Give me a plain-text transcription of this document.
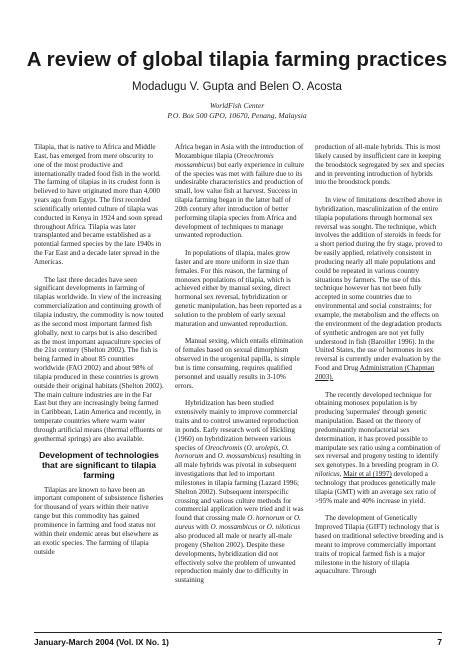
A review of global tilapia farming practices
Modadugu V. Gupta and Belen O. Acosta
WorldFish Center
P.O. Box 500 GPO, 10670, Penang, Malaysia

Tilapia, that is native to Africa and Middle East, has emerged from mere obscurity to one of the most productive and internationally traded food fish in the world. The farming of tilapias in its crudest form is believed to have originated more than 4,000 years ago from Egypt. The first recorded scientifically oriented culture of tilapia was conducted in Kenya in 1924 and soon spread throughout Africa. Tilapia was later transplanted and became established as a potential farmed species by the late 1940s in the Far East and a decade later spread in the Americas.

The last three decades have seen significant developments in farming of tilapias worldwide. In view of the increasing commercialization and continuing growth of tilapia industry, the commodity is now touted as the second most important farmed fish globally, next to carps but is also described as the most important aquaculture species of the 21st century (Shelton 2002). The fish is being farmed in about 85 countries worldwide (FAO 2002) and about 98% of tilapia produced in these countries is grown outside their original habitats (Shelton 2002). The main culture industries are in the Far East but they are increasingly being farmed in Caribbean, Latin America and recently, in temperate countries where warm water through artificial means (thermal effluents or geothermal springs) are also available.

Development of technologies that are significant to tilapia farming

Tilapias are known to have been an important component of subsistence fisheries for thousand of years within their native range but this commodity has gained prominence in farming and food status not within their endemic areas but elsewhere as an exotic species. The farming of tilapia outside

Africa began in Asia with the introduction of Mozambique tilapia (Oreochromis mossambicus) but early experience in culture of the species was met with failure due to its undesirable characteristics and production of small, low value fish at harvest. Success in tilapia farming began in the latter half of 20th century after introduction of better performing tilapia species from Africa and development of techniques to manage unwanted reproduction.

In populations of tilapia, males grow faster and are more uniform in size than females. For this reason, the farming of monosex populations of tilapia, which is achieved either by manual sexing, direct hormonal sex reversal, hybridization or genetic manipulation, has been reported as a solution to the problem of early sexual maturation and unwanted reproduction.

Manual sexing, which entails elimination of females based on sexual dimorphism observed in the urogenital papilla, is simple but is time consuming, requires qualified personnel and usually results in 3-10% errors.

Hybridization has been studied extensively mainly to improve commercial traits and to control unwanted reproduction in ponds. Early research work of Hickling (1960) on hybridization between various species of Oreochromis (O. urolepis, O. hornorum and O. mossambicus) resulting in all male hybrids was pivotal in subsequent investigations that led to important milestones in tilapia farming (Lazard 1996; Shelton 2002). Subsequent interspecific crossing and various culture methods for commercial application were tried and it was found that crossing male O. hornorum or O. aureus with O. mossambicus or O. niloticus also produced all male or nearly all-male progeny (Shelton 2002). Despite these developments, hybridization did not effectively solve the problem of unwanted reproduction mainly due to difficulty in sustaining

production of all-male hybrids. This is most likely caused by insufficient care in keeping the broodstock segregated by sex and species and in preventing introduction of hybrids into the broodstock ponds.

In view of limitations described above in hybridization, masculinization of the entire tilapia populations through hormonal sex reversal was sought. The technique, which involves the addition of steroids in feeds for a short period during the fry stage, proved to be easily applied, relatively consistent in producing nearly all male populations and could be repeated in various country situations by farmers. The use of this technique however has not been fully accepted in some countries due to environmental and social constraints; for example, the metabolism and the effects on the environment of the degradation products of synthetic androgen are not yet fully understood in fish (Baroiller 1996). In the United States, the use of hormones in sex reversal is currently under evaluation by the Food and Drug Administration (Chapman 2003).

The recently developed technique for obtaining monosex population is by producing 'supermales' through genetic manipulation. Based on the theory of predominantly monofactorial sex determination, it has proved possible to manipulate sex ratio using a combination of sex reversal and progeny testing to identify sex genotypes. In a breeding program in O. niloticus, Mair et al (1997) developed a technology that produces genetically male tilapia (GMT) with an average sex ratio of >95% male and 40% increase in yield.

The development of Genetically Improved Tilapia (GIFT) technology that is based on traditional selective breeding and is meant to improve commercially important traits of tropical farmed fish is a major milestone in the history of tilapia aquaculture. Through

January-March 2004 (Vol. IX No. 1)	7
